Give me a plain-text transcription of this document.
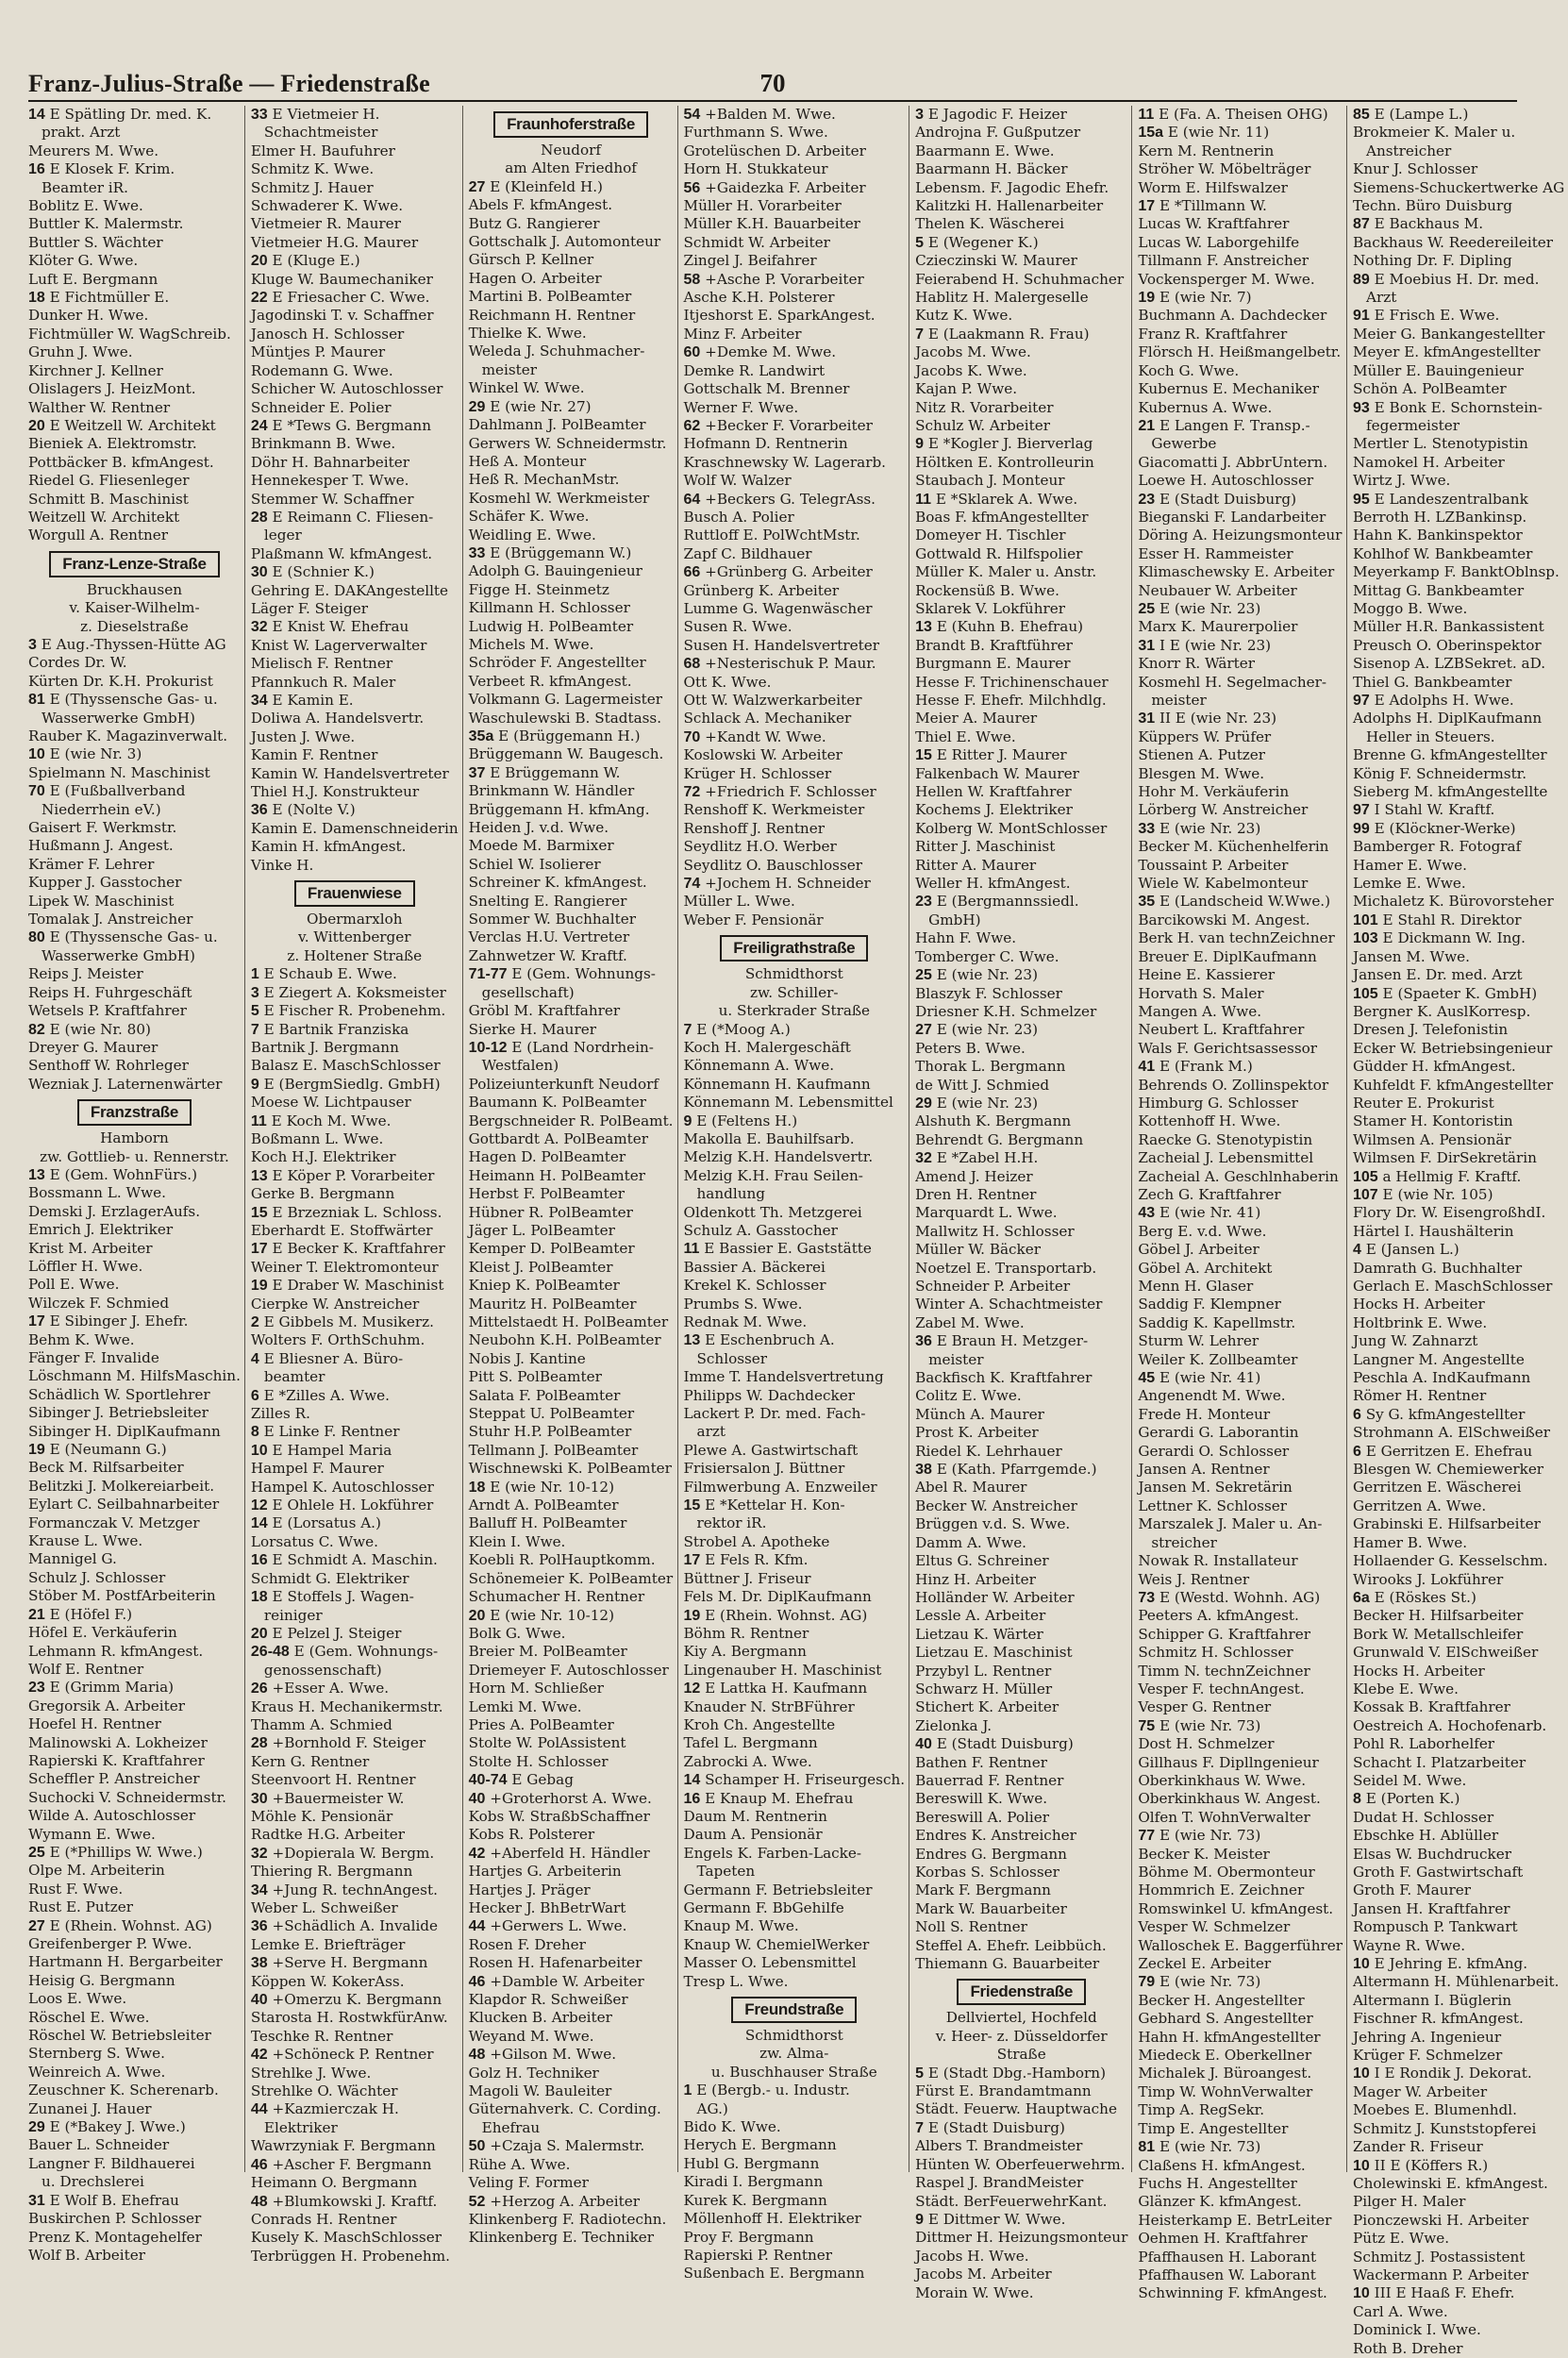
Franz-Julius-Straße — Friedenstraße	70
14 E Spätling Dr. med. K.
prakt. Arzt
Meurers M. Wwe.
16 E Klosek F. Krim.
Beamter iR.
Boblitz E. Wwe.
Buttler K. Malermstr.
Buttler S. Wächter
Klöter G. Wwe.
Luft E. Bergmann
18 E Fichtmüller E.
Dunker H. Wwe.
Fichtmüller W. WagSchreib.
Gruhn J. Wwe.
Kirchner J. Kellner
Olislagers J. HeizMont.
Walther W. Rentner
20 E Weitzell W. Architekt
Bieniek A. Elektromstr.
Pottbäcker B. kfmAngest.
Riedel G. Fliesenleger
Schmitt B. Maschinist
Weitzell W. Architekt
Worgull A. Rentner
Franz-Lenze-Straße
Bruckhausen
v. Kaiser-Wilhelm-
z. Dieselstraße
3 E Aug.-Thyssen-Hütte AG
Cordes Dr. W.
Kürten Dr. K.H. Prokurist
81 E (Thyssensche Gas- u.
Wasserwerke GmbH)
Rauber K. Magazinverwalt.
10 E (wie Nr. 3)
Spielmann N. Maschinist
70 E (Fußballverband
Niederrhein eV.)
Gaisert F. Werkmstr.
Hußmann J. Angest.
Krämer F. Lehrer
Kupper J. Gasstocher
Lipek W. Maschinist
Tomalak J. Anstreicher
80 E (Thyssensche Gas- u.
Wasserwerke GmbH)
Reips J. Meister
Reips H. Fuhrgeschäft
Wetsels P. Kraftfahrer
82 E (wie Nr. 80)
Dreyer G. Maurer
Senthoff W. Rohrleger
Wezniak J. Laternenwärter
Franzstraße
Hamborn
zw. Gottlieb- u. Rennerstr.
13 E (Gem. WohnFürs.)
Bossmann L. Wwe.
Demski J. ErzlagerAufs.
Emrich J. Elektriker
Krist M. Arbeiter
Löffler H. Wwe.
Poll E. Wwe.
Wilczek F. Schmied
17 E Sibinger J. Ehefr.
Behm K. Wwe.
Fänger F. Invalide
Löschmann M. HilfsMaschin.
Schädlich W. Sportlehrer
Sibinger J. Betriebsleiter
Sibinger H. DiplKaufmann
19 E (Neumann G.)
Beck M. Rilfsarbeiter
Belitzki J. Molkereiarbeit.
Eylart C. Seilbahnarbeiter
Formanczak V. Metzger
Krause L. Wwe.
Mannigel G.
Schulz J. Schlosser
Stöber M. PostfArbeiterin
21 E (Höfel F.)
Höfel E. Verkäuferin
Lehmann R. kfmAngest.
Wolf E. Rentner
23 E (Grimm Maria)
Gregorsik A. Arbeiter
Hoefel H. Rentner
Malinowski A. Lokheizer
Rapierski K. Kraftfahrer
Scheffler P. Anstreicher
Suchocki V. Schneidermstr.
Wilde A. Autoschlosser
Wymann E. Wwe.
25 E (*Phillips W. Wwe.)
Olpe M. Arbeiterin
Rust F. Wwe.
Rust E. Putzer
27 E (Rhein. Wohnst. AG)
Greifenberger P. Wwe.
Hartmann H. Bergarbeiter
Heisig G. Bergmann
Loos E. Wwe.
Röschel E. Wwe.
Röschel W. Betriebsleiter
Sternberg S. Wwe.
Weinreich A. Wwe.
Zeuschner K. Scherenarb.
Zunanei J. Hauer
29 E (*Bakey J. Wwe.)
Bauer L. Schneider
Langner F. Bildhauerei
u. Drechslerei
31 E Wolf B. Ehefrau
Buskirchen P. Schlosser
Prenz K. Montagehelfer
Wolf B. Arbeiter
33 E Vietmeier H.
Schachtmeister
Elmer H. Baufuhrer
Schmitz K. Wwe.
Schmitz J. Hauer
Schwaderer K. Wwe.
Vietmeier R. Maurer
Vietmeier H.G. Maurer
20 E (Kluge E.)
Kluge W. Baumechaniker
22 E Friesacher C. Wwe.
Jagodinski T. v. Schaffner
Janosch H. Schlosser
Müntjes P. Maurer
Rodemann G. Wwe.
Schicher W. Autoschlosser
Schneider E. Polier
24 E *Tews G. Bergmann
Brinkmann B. Wwe.
Döhr H. Bahnarbeiter
Hennekesper T. Wwe.
Stemmer W. Schaffner
28 E Reimann C. Fliesen-
leger
Plaßmann W. kfmAngest.
30 E (Schnier K.)
Gehring E. DAKAngestellte
Läger F. Steiger
32 E Knist W. Ehefrau
Knist W. Lagerverwalter
Mielisch F. Rentner
Pfannkuch R. Maler
34 E Kamin E.
Doliwa A. Handelsvertr.
Justen J. Wwe.
Kamin F. Rentner
Kamin W. Handelsvertreter
Thiel H.J. Konstrukteur
36 E (Nolte V.)
Kamin E. Damenschneiderin
Kamin H. kfmAngest.
Vinke H.
Frauenwiese
Obermarxloh
v. Wittenberger
z. Holtener Straße
1 E Schaub E. Wwe.
3 E Ziegert A. Koksmeister
5 E Fischer R. Probenehm.
7 E Bartnik Franziska
Bartnik J. Bergmann
Balasz E. MaschSchlosser
9 E (BergmSiedlg. GmbH)
Moese W. Lichtpauser
11 E Koch M. Wwe.
Boßmann L. Wwe.
Koch H.J. Elektriker
13 E Köper P. Vorarbeiter
Gerke B. Bergmann
15 E Brzezniak L. Schloss.
Eberhardt E. Stoffwärter
17 E Becker K. Kraftfahrer
Weiner T. Elektromonteur
19 E Draber W. Maschinist
Cierpke W. Anstreicher
2 E Gibbels M. Musikerz.
Wolters F. OrthSchuhm.
4 E Bliesner A. Büro-
beamter
6 E *Zilles A. Wwe.
Zilles R.
8 E Linke F. Rentner
10 E Hampel Maria
Hampel F. Maurer
Hampel K. Autoschlosser
12 E Ohlele H. Lokführer
14 E (Lorsatus A.)
Lorsatus C. Wwe.
16 E Schmidt A. Maschin.
Schmidt G. Elektriker
18 E Stoffels J. Wagen-
reiniger
20 E Pelzel J. Steiger
26-48 E (Gem. Wohnungs-
genossenschaft)
26 +Esser A. Wwe.
Kraus H. Mechanikermstr.
Thamm A. Schmied
28 +Bornhold F. Steiger
Kern G. Rentner
Steenvoort H. Rentner
30 +Bauermeister W.
Möhle K. Pensionär
Radtke H.G. Arbeiter
32 +Dopierala W. Bergm.
Thiering R. Bergmann
34 +Jung R. technAngest.
Weber L. Schweißer
36 +Schädlich A. Invalide
Lemke E. Briefträger
38 +Serve H. Bergmann
Köppen W. KokerAss.
40 +Omerzu K. Bergmann
Starosta H. RostwkfürAnw.
Teschke R. Rentner
42 +Schöneck P. Rentner
Strehlke J. Wwe.
Strehlke O. Wächter
44 +Kazmierczak H.
Elektriker
Wawrzyniak F. Bergmann
46 +Ascher F. Bergmann
Heimann O. Bergmann
48 +Blumkowski J. Kraftf.
Conrads H. Rentner
Kusely K. MaschSchlosser
Terbrüggen H. Probenehm.
Fraunhoferstraße
Neudorf
am Alten Friedhof
27 E (Kleinfeld H.)
Abels F. kfmAngest.
Butz G. Rangierer
Gottschalk J. Automonteur
Gürsch P. Kellner
Hagen O. Arbeiter
Martini B. PolBeamter
Reichmann H. Rentner
Thielke K. Wwe.
Weleda J. Schuhmacher-
meister
Winkel W. Wwe.
29 E (wie Nr. 27)
Dahlmann J. PolBeamter
Gerwers W. Schneidermstr.
Heß A. Monteur
Heß R. MechanMstr.
Kosmehl W. Werkmeister
Schäfer K. Wwe.
Weidling E. Wwe.
33 E (Brüggemann W.)
Adolph G. Bauingenieur
Figge H. Steinmetz
Killmann H. Schlosser
Ludwig H. PolBeamter
Michels M. Wwe.
Schröder F. Angestellter
Verbeet R. kfmAngest.
Volkmann G. Lagermeister
Waschulewski B. Stadtass.
35a E (Brüggemann H.)
Brüggemann W. Baugesch.
37 E Brüggemann W.
Brinkmann W. Händler
Brüggemann H. kfmAng.
Heiden J. v.d. Wwe.
Moede M. Barmixer
Schiel W. Isolierer
Schreiner K. kfmAngest.
Snelting E. Rangierer
Sommer W. Buchhalter
Verclas H.U. Vertreter
Zahnwetzer W. Kraftf.
71-77 E (Gem. Wohnungs-
gesellschaft)
Gröbl M. Kraftfahrer
Sierke H. Maurer
10-12 E (Land Nordrhein-
Westfalen)
Polizeiunterkunft Neudorf
Baumann K. PolBeamter
Bergschneider R. PolBeamt.
Gottbardt A. PolBeamter
Hagen D. PolBeamter
Heimann H. PolBeamter
Herbst F. PolBeamter
Hübner R. PolBeamter
Jäger L. PolBeamter
Kemper D. PolBeamter
Kleist J. PolBeamter
Kniep K. PolBeamter
Mauritz H. PolBeamter
Mittelstaedt H. PolBeamter
Neubohn K.H. PolBeamter
Nobis J. Kantine
Pitt S. PolBeamter
Salata F. PolBeamter
Steppat U. PolBeamter
Stuhr H.P. PolBeamter
Tellmann J. PolBeamter
Wischnewski K. PolBeamter
18 E (wie Nr. 10-12)
Arndt A. PolBeamter
Balluff H. PolBeamter
Klein I. Wwe.
Koebli R. PolHauptkomm.
Schönemeier K. PolBeamter
Schumacher H. Rentner
20 E (wie Nr. 10-12)
Bolk G. Wwe.
Breier M. PolBeamter
Driemeyer F. Autoschlosser
Horn M. Schließer
Lemki M. Wwe.
Pries A. PolBeamter
Stolte W. PolAssistent
Stolte H. Schlosser
40-74 E Gebag
40 +Groterhorst A. Wwe.
Kobs W. StraßbSchaffner
Kobs R. Polsterer
42 +Aberfeld H. Händler
Hartjes G. Arbeiterin
Hartjes J. Präger
Hecker J. BhBetrWart
44 +Gerwers L. Wwe.
Rosen F. Dreher
Rosen H. Hafenarbeiter
46 +Damble W. Arbeiter
Klapdor R. Schweißer
Klucken B. Arbeiter
Weyand M. Wwe.
48 +Gilson M. Wwe.
Golz H. Techniker
Magoli W. Bauleiter
Güternahverk. C. Cording.
Ehefrau
50 +Czaja S. Malermstr.
Rühe A. Wwe.
Veling F. Former
52 +Herzog A. Arbeiter
Klinkenberg F. Radiotechn.
Klinkenberg E. Techniker
54 +Balden M. Wwe.
Furthmann S. Wwe.
Grotelüschen D. Arbeiter
Horn H. Stukkateur
56 +Gaidezka F. Arbeiter
Müller H. Vorarbeiter
Müller K.H. Bauarbeiter
Schmidt W. Arbeiter
Zingel J. Beifahrer
58 +Asche P. Vorarbeiter
Asche K.H. Polsterer
Itjeshorst E. SparkAngest.
Minz F. Arbeiter
60 +Demke M. Wwe.
Demke R. Landwirt
Gottschalk M. Brenner
Werner F. Wwe.
62 +Becker F. Vorarbeiter
Hofmann D. Rentnerin
Kraschnewsky W. Lagerarb.
Wolf W. Walzer
64 +Beckers G. TelegrAss.
Busch A. Polier
Ruttloff E. PolWchtMstr.
Zapf C. Bildhauer
66 +Grünberg G. Arbeiter
Grünberg K. Arbeiter
Lumme G. Wagenwäscher
Susen R. Wwe.
Susen H. Handelsvertreter
68 +Nesterischuk P. Maur.
Ott K. Wwe.
Ott W. Walzwerkarbeiter
Schlack A. Mechaniker
70 +Kandt W. Wwe.
Koslowski W. Arbeiter
Krüger H. Schlosser
72 +Friedrich F. Schlosser
Renshoff K. Werkmeister
Renshoff J. Rentner
Seydlitz H.O. Werber
Seydlitz O. Bauschlosser
74 +Jochem H. Schneider
Müller L. Wwe.
Weber F. Pensionär
Freiligrathstraße
Schmidthorst
zw. Schiller-
u. Sterkrader Straße
7 E (*Moog A.)
Koch H. Malergeschäft
Könnemann A. Wwe.
Könnemann H. Kaufmann
Könnemann M. Lebensmittel
9 E (Feltens H.)
Makolla E. Bauhilfsarb.
Melzig K.H. Handelsvertr.
Melzig K.H. Frau Seilen-
handlung
Oldenkott Th. Metzgerei
Schulz A. Gasstocher
11 E Bassier E. Gaststätte
Bassier A. Bäckerei
Krekel K. Schlosser
Prumbs S. Wwe.
Rednak M. Wwe.
13 E Eschenbruch A.
Schlosser
Imme T. Handelsvertretung
Philipps W. Dachdecker
Lackert P. Dr. med. Fach-
arzt
Plewe A. Gastwirtschaft
Frisiersalon J. Büttner
Filmwerbung A. Enzweiler
15 E *Kettelar H. Kon-
rektor iR.
Strobel A. Apotheke
17 E Fels R. Kfm.
Büttner J. Friseur
Fels M. Dr. DiplKaufmann
19 E (Rhein. Wohnst. AG)
Böhm R. Rentner
Kiy A. Bergmann
Lingenauber H. Maschinist
12 E Lattka H. Kaufmann
Knauder N. StrBFührer
Kroh Ch. Angestellte
Tafel L. Bergmann
Zabrocki A. Wwe.
14 Schamper H. Friseurgesch.
16 E Knaup M. Ehefrau
Daum M. Rentnerin
Daum A. Pensionär
Engels K. Farben-Lacke-
Tapeten
Germann F. Betriebsleiter
Germann F. BbGehilfe
Knaup M. Wwe.
Knaup W. ChemielWerker
Masser O. Lebensmittel
Tresp L. Wwe.
Freundstraße
Schmidthorst
zw. Alma-
u. Buschhauser Straße
1 E (Bergb.- u. Industr.
AG.)
Bido K. Wwe.
Herych E. Bergmann
Hubl G. Bergmann
Kiradi I. Bergmann
Kurek K. Bergmann
Möllenhoff H. Elektriker
Proy F. Bergmann
Rapierski P. Rentner
Sußenbach E. Bergmann
3 E Jagodic F. Heizer
Androjna F. Gußputzer
Baarmann E. Wwe.
Baarmann H. Bäcker
Lebensm. F. Jagodic Ehefr.
Kalitzki H. Hallenarbeiter
Thelen K. Wäscherei
5 E (Wegener K.)
Czieczinski W. Maurer
Feierabend H. Schuhmacher
Hablitz H. Malergeselle
Kutz K. Wwe.
7 E (Laakmann R. Frau)
Jacobs M. Wwe.
Jacobs K. Wwe.
Kajan P. Wwe.
Nitz R. Vorarbeiter
Schulz W. Arbeiter
9 E *Kogler J. Bierverlag
Höltken E. Kontrolleurin
Staubach J. Monteur
11 E *Sklarek A. Wwe.
Boas F. kfmAngestellter
Domeyer H. Tischler
Gottwald R. Hilfspolier
Müller K. Maler u. Anstr.
Rockensüß B. Wwe.
Sklarek V. Lokführer
13 E (Kuhn B. Ehefrau)
Brandt B. Kraftführer
Burgmann E. Maurer
Hesse F. Trichinenschauer
Hesse F. Ehefr. Milchhdlg.
Meier A. Maurer
Thiel E. Wwe.
15 E Ritter J. Maurer
Falkenbach W. Maurer
Hellen W. Kraftfahrer
Kochems J. Elektriker
Kolberg W. MontSchlosser
Ritter J. Maschinist
Ritter A. Maurer
Weller H. kfmAngest.
23 E (Bergmannssiedl.
GmbH)
Hahn F. Wwe.
Tomberger C. Wwe.
25 E (wie Nr. 23)
Blaszyk F. Schlosser
Driesner K.H. Schmelzer
27 E (wie Nr. 23)
Peters B. Wwe.
Thorak L. Bergmann
de Witt J. Schmied
29 E (wie Nr. 23)
Alshuth K. Bergmann
Behrendt G. Bergmann
32 E *Zabel H.H.
Amend J. Heizer
Dren H. Rentner
Marquardt L. Wwe.
Mallwitz H. Schlosser
Müller W. Bäcker
Noetzel E. Transportarb.
Schneider P. Arbeiter
Winter A. Schachtmeister
Zabel M. Wwe.
36 E Braun H. Metzger-
meister
Backfisch K. Kraftfahrer
Colitz E. Wwe.
Münch A. Maurer
Prost K. Arbeiter
Riedel K. Lehrhauer
38 E (Kath. Pfarrgemde.)
Abel R. Maurer
Becker W. Anstreicher
Brüggen v.d. S. Wwe.
Damm A. Wwe.
Eltus G. Schreiner
Hinz H. Arbeiter
Holländer W. Arbeiter
Lessle A. Arbeiter
Lietzau K. Wärter
Lietzau E. Maschinist
Przybyl L. Rentner
Schwarz H. Müller
Stichert K. Arbeiter
Zielonka J.
40 E (Stadt Duisburg)
Bathen F. Rentner
Bauerrad F. Rentner
Bereswill K. Wwe.
Bereswill A. Polier
Endres K. Anstreicher
Endres G. Bergmann
Korbas S. Schlosser
Mark F. Bergmann
Mark W. Bauarbeiter
Noll S. Rentner
Steffel A. Ehefr. Leibbüch.
Thiemann G. Bauarbeiter
Friedenstraße
Dellviertel, Hochfeld
v. Heer- z. Düsseldorfer
Straße
5 E (Stadt Dbg.-Hamborn)
Fürst E. Brandamtmann
Städt. Feuerw. Hauptwache
7 E (Stadt Duisburg)
Albers T. Brandmeister
Hünten W. Oberfeuerwehrm.
Raspel J. BrandMeister
Städt. BerFeuerwehrKant.
9 E Dittmer W. Wwe.
Dittmer H. Heizungsmonteur
Jacobs H. Wwe.
Jacobs M. Arbeiter
Morain W. Wwe.
11 E (Fa. A. Theisen OHG)
15a E (wie Nr. 11)
Kern M. Rentnerin
Ströher W. Möbelträger
Worm E. Hilfswalzer
17 E *Tillmann W.
Lucas W. Kraftfahrer
Lucas W. Laborgehilfe
Tillmann F. Anstreicher
Vockensperger M. Wwe.
19 E (wie Nr. 7)
Buchmann A. Dachdecker
Franz R. Kraftfahrer
Flörsch H. Heißmangelbetr.
Koch G. Wwe.
Kubernus E. Mechaniker
Kubernus A. Wwe.
21 E Langen F. Transp.-
Gewerbe
Giacomatti J. AbbrUntern.
Loewe H. Autoschlosser
23 E (Stadt Duisburg)
Bieganski F. Landarbeiter
Döring A. Heizungsmonteur
Esser H. Rammeister
Klimaschewsky E. Arbeiter
Neubauer W. Arbeiter
25 E (wie Nr. 23)
Marx K. Maurerpolier
31 I E (wie Nr. 23)
Knorr R. Wärter
Kosmehl H. Segelmacher-
meister
31 II E (wie Nr. 23)
Küppers W. Prüfer
Stienen A. Putzer
Blesgen M. Wwe.
Hohr M. Verkäuferin
Lörberg W. Anstreicher
33 E (wie Nr. 23)
Becker M. Küchenhelferin
Toussaint P. Arbeiter
Wiele W. Kabelmonteur
35 E (Landscheid W.Wwe.)
Barcikowski M. Angest.
Berk H. van technZeichner
Breuer E. DiplKaufmann
Heine E. Kassierer
Horvath S. Maler
Mangen A. Wwe.
Neubert L. Kraftfahrer
Wals F. Gerichtsassessor
41 E (Frank M.)
Behrends O. Zollinspektor
Himburg G. Schlosser
Kottenhoff H. Wwe.
Raecke G. Stenotypistin
Zacheial J. Lebensmittel
Zacheial A. Geschlnhaberin
Zech G. Kraftfahrer
43 E (wie Nr. 41)
Berg E. v.d. Wwe.
Göbel J. Arbeiter
Göbel A. Architekt
Menn H. Glaser
Saddig F. Klempner
Saddig K. Kapellmstr.
Sturm W. Lehrer
Weiler K. Zollbeamter
45 E (wie Nr. 41)
Angenendt M. Wwe.
Frede H. Monteur
Gerardi G. Laborantin
Gerardi O. Schlosser
Jansen A. Rentner
Jansen M. Sekretärin
Lettner K. Schlosser
Marszalek J. Maler u. An-
streicher
Nowak R. Installateur
Weis J. Rentner
73 E (Westd. Wohnh. AG)
Peeters A. kfmAngest.
Schipper G. Kraftfahrer
Schmitz H. Schlosser
Timm N. technZeichner
Vesper F. technAngest.
Vesper G. Rentner
75 E (wie Nr. 73)
Dost H. Schmelzer
Gillhaus F. Dipllngenieur
Oberkinkhaus W. Wwe.
Oberkinkhaus W. Angest.
Olfen T. WohnVerwalter
77 E (wie Nr. 73)
Becker K. Meister
Böhme M. Obermonteur
Hommrich E. Zeichner
Romswinkel U. kfmAngest.
Vesper W. Schmelzer
Walloschek E. Baggerführer
Zeckel E. Arbeiter
79 E (wie Nr. 73)
Becker H. Angestellter
Gebhard S. Angestellter
Hahn H. kfmAngestellter
Miedeck E. Oberkellner
Michalek J. Büroangest.
Timp W. WohnVerwalter
Timp A. RegSekr.
Timp E. Angestellter
81 E (wie Nr. 73)
Claßens H. kfmAngest.
Fuchs H. Angestellter
Glänzer K. kfmAngest.
Heisterkamp E. BetrLeiter
Oehmen H. Kraftfahrer
Pfaffhausen H. Laborant
Pfaffhausen W. Laborant
Schwinning F. kfmAngest.
85 E (Lampe L.)
Brokmeier K. Maler u.
Anstreicher
Knur J. Schlosser
Siemens-Schuckertwerke AG
Techn. Büro Duisburg
87 E Backhaus M.
Backhaus W. Reedereileiter
Nothing Dr. F. Dipling
89 E Moebius H. Dr. med.
Arzt
91 E Frisch E. Wwe.
Meier G. Bankangestellter
Meyer E. kfmAngestellter
Müller E. Bauingenieur
Schön A. PolBeamter
93 E Bonk E. Schornstein-
fegermeister
Mertler L. Stenotypistin
Namokel H. Arbeiter
Wirtz J. Wwe.
95 E Landeszentralbank
Berroth H. LZBankinsp.
Hahn K. Bankinspektor
Kohlhof W. Bankbeamter
Meyerkamp F. BanktOblnsp.
Mittag G. Bankbeamter
Moggo B. Wwe.
Müller H.R. Bankassistent
Preusch O. Oberinspektor
Sisenop A. LZBSekret. aD.
Thiel G. Bankbeamter
97 E Adolphs H. Wwe.
Adolphs H. DiplKaufmann
Heller in Steuers.
Brenne G. kfmAngestellter
König F. Schneidermstr.
Sieberg M. kfmAngestellte
97 I Stahl W. Kraftf.
99 E (Klöckner-Werke)
Bamberger R. Fotograf
Hamer E. Wwe.
Lemke E. Wwe.
Michaletz K. Bürovorsteher
101 E Stahl R. Direktor
103 E Dickmann W. Ing.
Jansen M. Wwe.
Jansen E. Dr. med. Arzt
105 E (Spaeter K. GmbH)
Bergner K. AuslKorresp.
Dresen J. Telefonistin
Ecker W. Betriebsingenieur
Güdder H. kfmAngest.
Kuhfeldt F. kfmAngestellter
Reuter E. Prokurist
Stamer H. Kontoristin
Wilmsen A. Pensionär
Wilmsen F. DirSekretärin
105 a Hellmig F. Kraftf.
107 E (wie Nr. 105)
Flory Dr. W. EisengroßhdI.
Härtel I. Haushälterin
4 E (Jansen L.)
Damrath G. Buchhalter
Gerlach E. MaschSchlosser
Hocks H. Arbeiter
Holtbrink E. Wwe.
Jung W. Zahnarzt
Langner M. Angestellte
Peschla A. IndKaufmann
Römer H. Rentner
6 Sy G. kfmAngestellter
Strohmann A. ElSchweißer
6 E Gerritzen E. Ehefrau
Blesgen W. Chemiewerker
Gerritzen E. Wäscherei
Gerritzen A. Wwe.
Grabinski E. Hilfsarbeiter
Hamer B. Wwe.
Hollaender G. Kesselschm.
Wirooks J. Lokführer
6a E (Röskes St.)
Becker H. Hilfsarbeiter
Bork W. Metallschleifer
Grunwald V. ElSchweißer
Hocks H. Arbeiter
Klebe E. Wwe.
Kossak B. Kraftfahrer
Oestreich A. Hochofenarb.
Pohl R. Laborhelfer
Schacht I. Platzarbeiter
Seidel M. Wwe.
8 E (Porten K.)
Dudat H. Schlosser
Ebschke H. Ablüller
Elsas W. Buchdrucker
Groth F. Gastwirtschaft
Groth F. Maurer
Jansen H. Kraftfahrer
Rompusch P. Tankwart
Wayne R. Wwe.
10 E Jehring E. kfmAng.
Altermann H. Mühlenarbeit.
Altermann I. Büglerin
Fischner R. kfmAngest.
Jehring A. Ingenieur
Krüger F. Schmelzer
10 I E Rondik J. Dekorat.
Mager W. Arbeiter
Moebes E. Blumenhdl.
Schmitz J. Kunststopferei
Zander R. Friseur
10 II E (Köffers R.)
Cholewinski E. kfmAngest.
Pilger H. Maler
Pionczewski H. Arbeiter
Pütz E. Wwe.
Schmitz J. Postassistent
Wackermann P. Arbeiter
10 III E Haaß F. Ehefr.
Carl A. Wwe.
Dominick I. Wwe.
Roth B. Dreher
